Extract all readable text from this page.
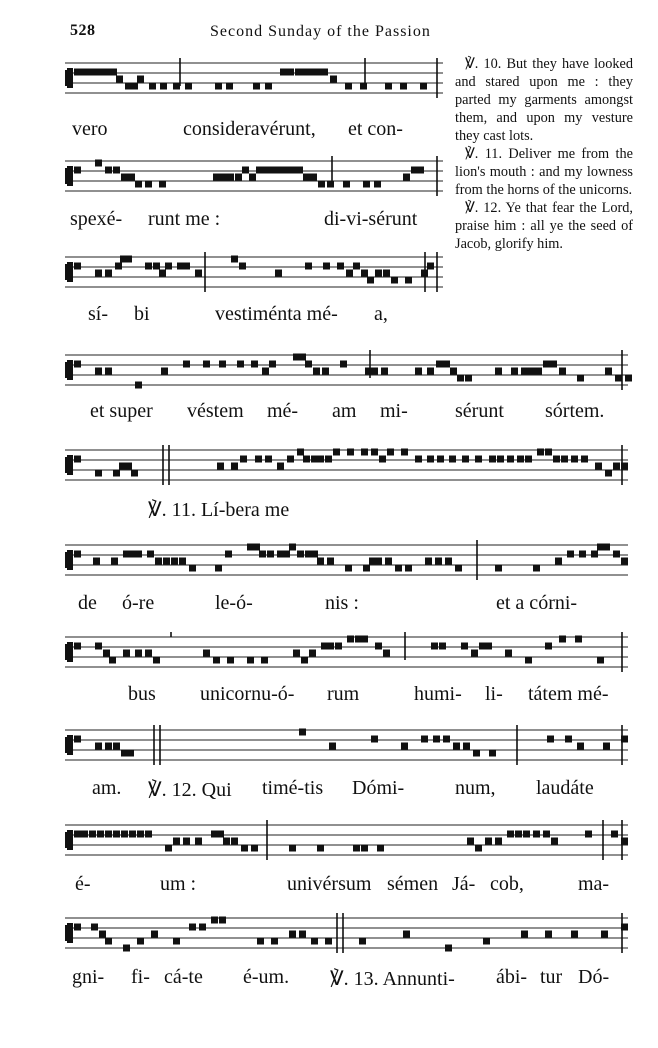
528	Second Sunday of the Passion

℣. 10. But they have looked and stared upon me : they parted my garments amongst them, and upon my vesture they cast lots.

℣. 11. Deliver me from the lion's mouth : and my lowness from the horns of the unicorns.

℣. 12. Ye that fear the Lord, praise him : all ye the seed of Jacob, glorify him.

vero	consideravérunt, et con-
spexé- runt me :	di-vi-sérunt
sí- bi	vestiménta mé- a,
et super véstem mé- am mi- sérunt sórtem.
℣. 11. Lí-bera me
de ó-re	le-ó-	nis :	et a córni-
bus unicornu-ó- rum	humi- li- tátem mé-
am. ℣. 12. Qui timé-tis Dómi-	num, laudáte
é-	um :	univérsum sémen Já- cob,	ma-
gni- fi- cá-te é-um. ℣. 13. Annunti- ábi- tur Dó-
